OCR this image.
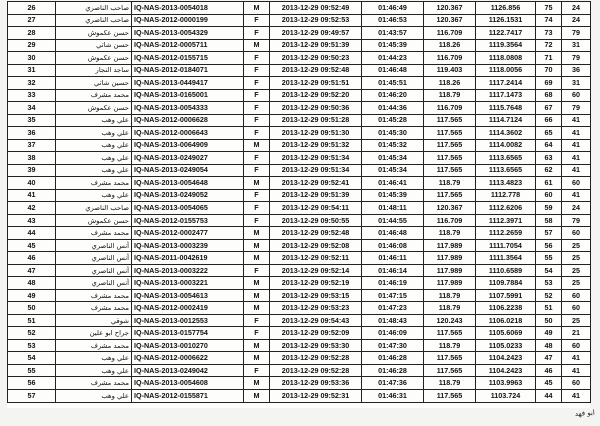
26	صاحب الناصري	IQ-NAS-2013-0054018	M	2013-12-29 09:52:49	01:46:49	120.367	1126.856	75	24
27	صاحب الناصري	IQ-NAS-2012-0000199	F	2013-12-29 09:52:53	01:46:53	120.367	1126.1531	74	24
28	حسن عكموش	IQ-NAS-2013-0054329	F	2013-12-29 09:49:57	01:43:57	116.709	1122.7417	73	79
29	حسن شاتي	IQ-NAS-2012-0005711	M	2013-12-29 09:51:39	01:45:39	118.26	1119.3564	72	31
30	حسن عكموش	IQ-NAS-2012-0155715	F	2013-12-29 09:50:23	01:44:23	116.709	1118.0808	71	79
31	ساجد النجار	IQ-NAS-2012-0184071	F	2013-12-29 09:52:48	01:46:48	119.403	1118.0056	70	36
32	حسين شاتي	IQ-NAS-2013-0449417	F	2013-12-29 09:51:51	01:45:51	118.26	1117.2414	69	31
33	محمد مشرف	IQ-NAS-2013-0165001	F	2013-12-29 09:52:20	01:46:20	118.79	1117.1473	68	60
34	حسن عكموش	IQ-NAS-2013-0054333	F	2013-12-29 09:50:36	01:44:36	116.709	1115.7648	67	79
35	علي وهب	IQ-NAS-2012-0006628	F	2013-12-29 09:51:28	01:45:28	117.565	1114.7124	66	41
36	علي وهب	IQ-NAS-2012-0006643	F	2013-12-29 09:51:30	01:45:30	117.565	1114.3602	65	41
37	علي وهب	IQ-NAS-2013-0064909	M	2013-12-29 09:51:32	01:45:32	117.565	1114.0082	64	41
38	علي وهب	IQ-NAS-2013-0249027	F	2013-12-29 09:51:34	01:45:34	117.565	1113.6565	63	41
39	علي وهب	IQ-NAS-2013-0249054	F	2013-12-29 09:51:34	01:45:34	117.565	1113.6565	62	41
40	محمد مشرف	IQ-NAS-2013-0054648	M	2013-12-29 09:52:41	01:46:41	118.79	1113.4823	61	60
41	علي وهب	IQ-NAS-2013-0249052	F	2013-12-29 09:51:39	01:45:39	117.565	1112.778	60	41
42	صاحب الناصري	IQ-NAS-2013-0054065	F	2013-12-29 09:54:11	01:48:11	120.367	1112.6206	59	24
43	حسن عكموش	IQ-NAS-2012-0155753	F	2013-12-29 09:50:55	01:44:55	116.709	1112.3971	58	79
44	محمد مشرف	IQ-NAS-2012-0002477	M	2013-12-29 09:52:48	01:46:48	118.79	1112.2659	57	60
45	أنس الناصري	IQ-NAS-2013-0003239	M	2013-12-29 09:52:08	01:46:08	117.989	1111.7054	56	25
46	أنس الناصري	IQ-NAS-2011-0042619	M	2013-12-29 09:52:11	01:46:11	117.989	1111.3564	55	25
47	أنس الناصري	IQ-NAS-2013-0003222	F	2013-12-29 09:52:14	01:46:14	117.989	1110.6589	54	25
48	أنس الناصري	IQ-NAS-2013-0003221	M	2013-12-29 09:52:19	01:46:19	117.989	1109.7884	53	25
49	محمد مشرف	IQ-NAS-2013-0054613	M	2013-12-29 09:53:15	01:47:15	118.79	1107.5991	52	60
50	محمد مشرف	IQ-NAS-2012-0002419	M	2013-12-29 09:53:23	01:47:23	118.79	1106.2238	51	60
51	شوقي	IQ-NAS-2013-0012553	F	2013-12-29 09:54:43	01:48:43	120.243	1106.0218	50	25
52	جراح ابو علين	IQ-NAS-2013-0157754	F	2013-12-29 09:52:09	01:46:09	117.565	1105.6069	49	21
53	محمد مشرف	IQ-NAS-2013-0010270	M	2013-12-29 09:53:30	01:47:30	118.79	1105.0233	48	60
54	علي وهب	IQ-NAS-2012-0006622	M	2013-12-29 09:52:28	01:46:28	117.565	1104.2423	47	41
55	علي وهب	IQ-NAS-2013-0249042	F	2013-12-29 09:52:28	01:46:28	117.565	1104.2423	46	41
56	محمد مشرف	IQ-NAS-2013-0054608	M	2013-12-29 09:53:36	01:47:36	118.79	1103.9963	45	60
57	علي وهب	IQ-NAS-2012-0155871	M	2013-12-29 09:52:31	01:46:31	117.565	1103.724	44	41
ابو فهد
